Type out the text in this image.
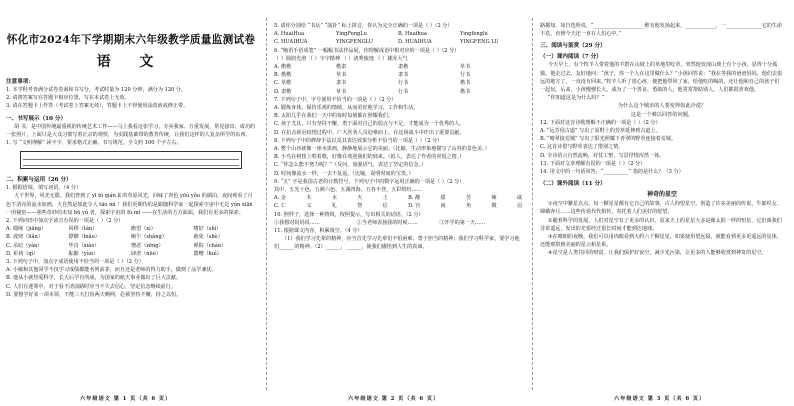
怀化市2024年下学期期末六年级教学质量监测试卷
语 文
注意事项：

1. 本学科考查满分试卷卷面和书写分，考试时量为 120 分钟，满分为 120 分。

2. 请将答案写在答题卡相应位置，写在本试卷上无效。

3. 请在答题卡上作答（考试卷上答案无效），答题卡上不得使用涂改液或修正带。

一、书写展示（10 分）

胡 书，是中国传统最重视的传统艺术工作——马上我看这张学习，专卖我家、万重发展，常见接出、成功的一张照片，上面只是大众习惯写着正宗的观察，为实践基础带的教育传统，让我们这样的人复杂所学的东西。

1. 写 “文明理解” 读字字，要求格式正确、书写规范、全文约 100 个字左右。

二、积累与运用（26 分）

1. 根据语境，填写词语。（4 分）

大千世界，风光无限。我们曾到了 yī bì qián lǐ 的草原风光，回味了青色 yōu yǒu 的湖泊，夜间观看了月色下清亮的流水如画，大自然是如此令人 tāo mì ！我们更期待的是跟随科学家一起探索宇宙中无边 yún xiān 一的秘密——那些奇妙的未知 hū yú 者，探索宇宙的 fù mì ——在生活的方方面面，我们有更多的探索。

2. 下列词语中加点字读音有误的一项是（ ）（2 分）

A. 缰绳（jiāng）	回移（tán）	瞻望（xì）	嗜好（shì）
B. 敛财（liǎn）	缥缈（biǎo）	晌午（shǎng）	赦免（shè）
C. 吊唁（yàn）	毕肖（xiào）	憎恶（zēng）	禅院（chán）
D. 祈祷（qí）	酝酿（yùn）	肆虐（nüè）	馈赠（kuì）

3. 下列句子中，加点字成语使用不恰当的一项是（ ）（2 分）

A. 小敏和其他同学不仅学习成绩都能名列前茅，而且还是老师的得力助手，做到了品学兼优。

B. 他从小就热爱科学，长大后学有所成，为国家的航天事业做出了巨大贡献。

C. 人们在迷雾中，对于看不清前路时应当不失去信心，坚定信念继续前行。

D. 要想学好某一项本领，不能三天打鱼两天晒网，必须坚持不懈，持之以恒。

六年级语文 第 1 页（共 6 页）

5. 请你分别给 “书坛” “演卦” 标上拼音，你认为完全正确的一项是（ ）（2 分）

A. HuaiHua	YingFengLu	B. Huaihua	Yingfenglu
C. HUAIHUA	YINGFENGLU	D. HUAIHUA	YINGFENG LU

6. “缩语手语成笔” 一幅幅书法作品展，你理解成语中相对应的一项是（ ）（2 分）

（ ）圆润光滑 （ ）字字精神 （ ）清秀俊逸 （ ）雄浑大气

A. 楷楷	楷隶	隶楷	草书
B. 楷楷	草书	隶书	行书
C. 草楷	隶书	行书	楷书
D. 隶楷	草书	行书	楷书

7. 下列句子中，字号使用不恰当的一项是（ ）（2 分）

A. 锻炼身体，保持乐观的情绪，从而更好地学习、工作和生活。

B. 太阳几乎在我们一天中的每时每刻都在照耀我们。

C. 孩子尤其，只有坚持不懈，勇于面对自己的弱点与不足，才能成为一个优秀的人。

D. 在抗击新冠疫情过程中，广大医务人员迎难而上，在这场战斗中作出了重要贡献。

8. 下列句子中的修辞手法以及其表达效果分析不恰当的一项是（ ）（2 分）

A. 整个山谷就像一座水墨画，静静地展示它的美丽。（比喻，生动形象地描写了山谷的景色美。）

B. 小鸟在树枝上唱着歌，好像在欢迎我们的到来。（拟人，表达了作者的喜悦之情。）

C. “你怎么能不努力呢？”（反问，加强语气，表达了坚定的信念。）

D. 时间像流水一样，一去不复返。（比喻，说明时间的宝贵。）

9. “五” 字是我国古老的计数符号，下列句子中的数字运用正确的一项是（ ）（2 分）

其中，五光十色、五颜六色、五湖四海、五谷丰登、五彩缤纷……

A. 金	木	水	火	土	B. 酸	甜	苦	辣	咸
C. 仁	义	礼	智	信	D. 宫	商	角	徵	羽

10. 照样子，选择一种情境，按照提示，写出相关的话语。（2 分）

①我想对妈妈说……	②当老师表扬我的时候……	③开学的第一天……

11. 根据课文内容，积累填空。（4 分）

（1）我们学习先辈的精神，应当首先学习先辈们不怕困难、勇于担当的精神；我们学习科学家，要学习他们______的精神。（2）______，______，使我们感悟到人生的真谛。

六年级语文 第 2 页（共 6 页）

路都知，如自选所说，“____________________维有他发扬起来，____________，一______________它的生命不息，直到今天还一直在人们心中。”

三、阅读与鉴赏（29 分）
（一）课内阅读（7 分）

今天早上，有个牧羊人带着他的羊群在山坡上的草地里吃草，突然他发现山坡上有个小孩，显得十分孤独。他走过去，友好地问：“孩子，你一个人在这里做什么？”小孩回答说：“我在等我的爸爸妈妈，他们去很远的地方了，一直没有回来。”牧羊人听了很心疼，便把他带回了家，给他吃的喝的，还让他和自己的孩子们一起玩。后来，小孩慢慢长大，成为了一个善良、勇敢的人，他常常帮助别人，人们都很喜欢他。

“你知道这是为什么吗？”

为什么这个城市的人要变得如此冷漠？
这是一个难以回答的问题。

12. 下面对这首诗歌理解不正确的一项是（ ）（2 分）

A. “远芳侵古道” 写出了原野上的芳草延伸到古道上。

B. “晴翠接荒城” 写出了阳光照耀下青翠的野草连接着荒城。

C. 这首诗借写野草表达了惜别之情。

D. 全诗语言自然流畅，对仗工整，写景抒情浑然一体。

13. 下面对文章理解有误的一项是（ ）（2 分）

14. 用文中的一句话回答，“__________” 指的是什么？（3 分）

（二）课外阅读（11 分）
神奇的星空

①夜空中繁星点点，每一颗星星都有它自己的故事。古人仰望星空，创造了许多美丽的传说，牛郎织女、嫦娥奔月……这些传说代代相传，寄托着人们美好的愿望。

②随着科学的发展，人们对星空有了更多的认识。原来天上的星星大多是像太阳一样的恒星，它们离我们非常遥远，发出的光要经过很长时间才能到达地球。

③在晴朗的夜晚，我们可以用肉眼看到大约六千颗星星。如果使用望远镜，就能看到更多更遥远的星体，还能观察到美丽的星云和星系。

④星空是人类共同的财富。让我们保护好夜空，减少光污染，让更多的人能够欣赏到神奇的星空。

六年级语文 第 3 页（共 6 页）
